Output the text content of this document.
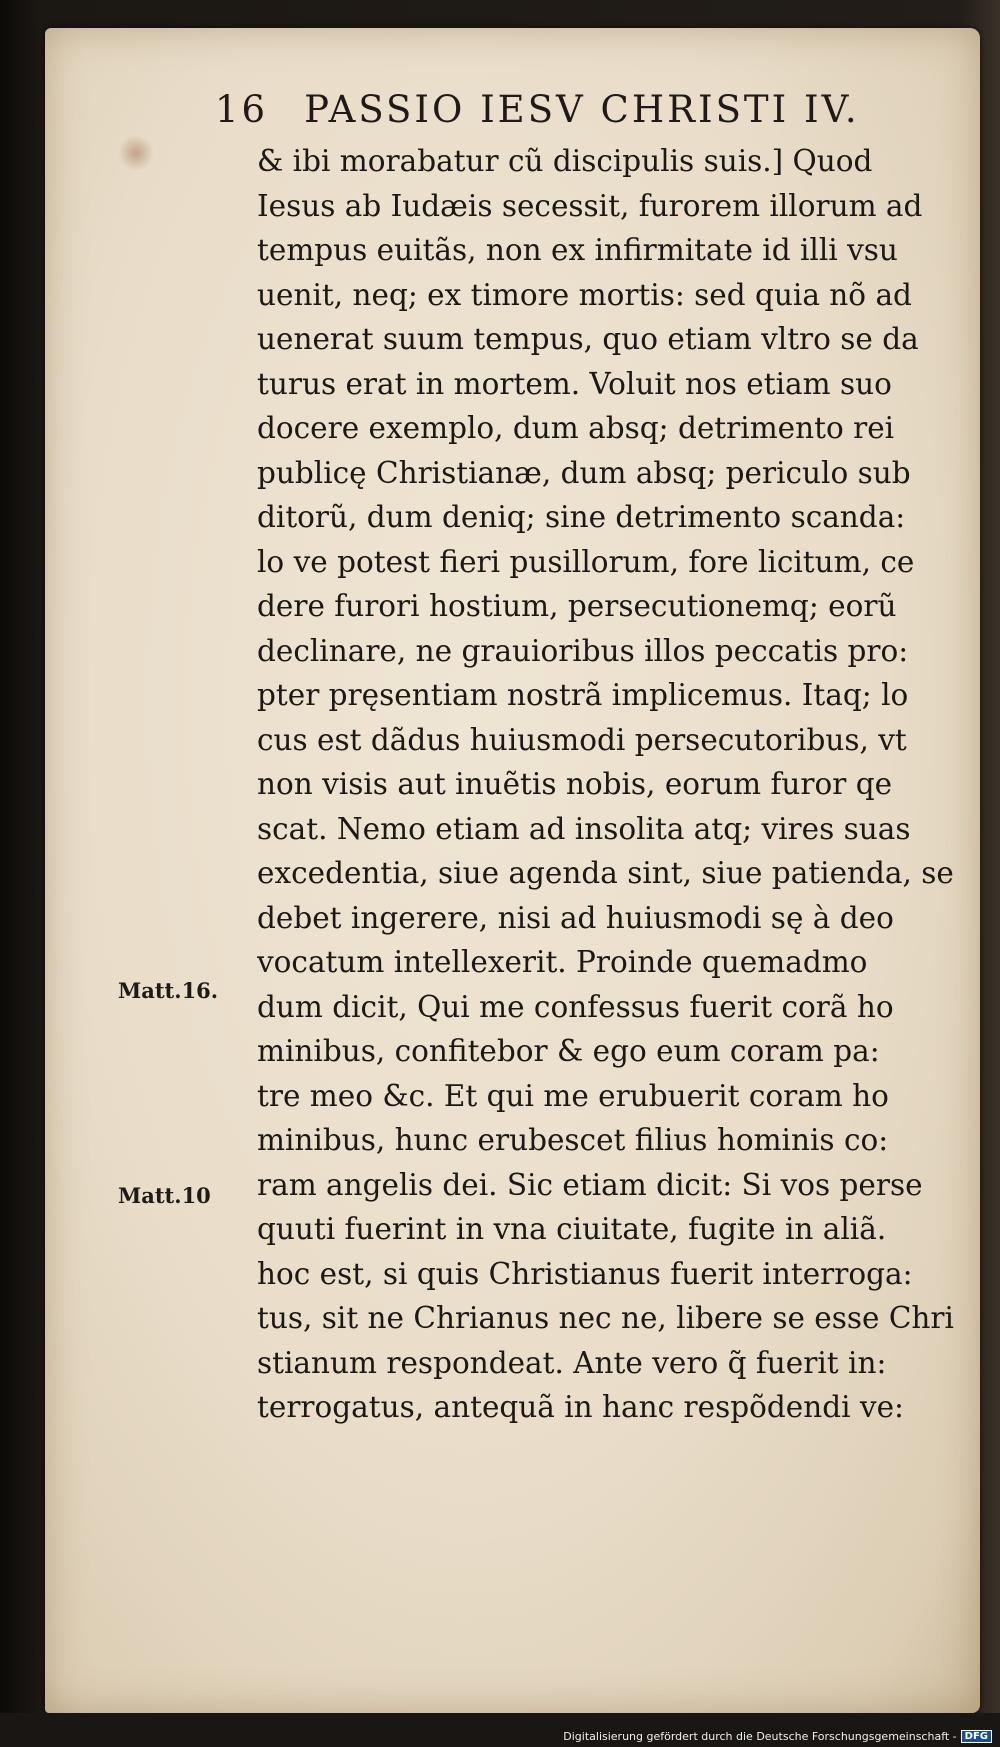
16 PASSIO IESV CHRISTI IV.
& ibi morabatur cũ discipulis suis.] Quod
Iesus ab Iudæis secessit, furorem illorum ad
tempus euitãs, non ex infirmitate id illi vsu
uenit, neq; ex timore mortis: sed quia nõ ad
uenerat suum tempus, quo etiam vltro se da
turus erat in mortem. Voluit nos etiam suo
docere exemplo, dum absq; detrimento rei
publicę Christianæ, dum absq; periculo sub
ditorũ, dum deniq; sine detrimento scanda:
lo ve potest fieri pusillorum, fore licitum, ce
dere furori hostium, persecutionemq; eorũ
declinare, ne grauioribus illos peccatis pro:
pter pręsentiam nostrã implicemus. Itaq; lo
cus est dãdus huiusmodi persecutoribus, vt
non visis aut inuẽtis nobis, eorum furor qe
scat. Nemo etiam ad insolita atq; vires suas
excedentia, siue agenda sint, siue patienda, se
debet ingerere, nisi ad huiusmodi sę à deo
vocatum intellexerit. Proinde quemadmo
dum dicit, Qui me confessus fuerit corã ho
minibus, confitebor & ego eum coram pa:
tre meo &c. Et qui me erubuerit coram ho
minibus, hunc erubescet filius hominis co:
ram angelis dei. Sic etiam dicit: Si vos perse
quuti fuerint in vna ciuitate, fugite in aliã.
hoc est, si quis Christianus fuerit interroga:
tus, sit ne Chrianus nec ne, libere se esse Chri
stianum respondeat. Ante vero q̃ fuerit in:
terrogatus, antequã in hanc respõdendi ve:
Matt.16.
Matt.10
Digitalisierung gefördert durch die Deutsche Forschungsgemeinschaft - DFG
